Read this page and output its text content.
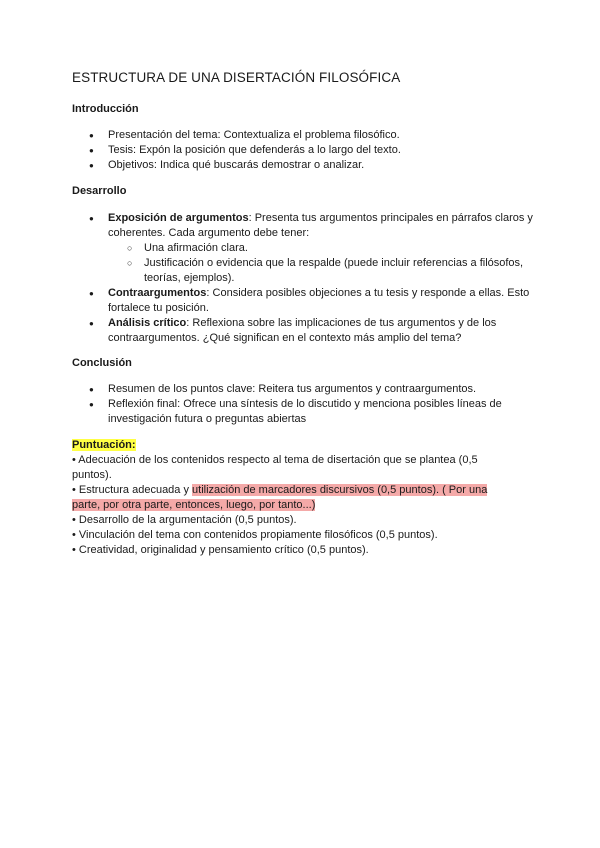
ESTRUCTURA DE UNA DISERTACIÓN FILOSÓFICA

Introducción

● Presentación del tema: Contextualiza el problema filosófico.
● Tesis: Expón la posición que defenderás a lo largo del texto.
● Objetivos: Indica qué buscarás demostrar o analizar.

Desarrollo

● Exposición de argumentos: Presenta tus argumentos principales en párrafos claros y coherentes. Cada argumento debe tener:
○ Una afirmación clara.
○ Justificación o evidencia que la respalde (puede incluir referencias a filósofos, teorías, ejemplos).
● Contraargumentos: Considera posibles objeciones a tu tesis y responde a ellas. Esto fortalece tu posición.
● Análisis crítico: Reflexiona sobre las implicaciones de tus argumentos y de los contraargumentos. ¿Qué significan en el contexto más amplio del tema?

Conclusión

● Resumen de los puntos clave: Reitera tus argumentos y contraargumentos.
● Reflexión final: Ofrece una síntesis de lo discutido y menciona posibles líneas de investigación futura o preguntas abiertas

Puntuación:

• Adecuación de los contenidos respecto al tema de disertación que se plantea (0,5 puntos).

• Estructura adecuada y utilización de marcadores discursivos (0,5 puntos). ( Por una parte, por otra parte, entonces, luego, por tanto...)

• Desarrollo de la argumentación (0,5 puntos).

• Vinculación del tema con contenidos propiamente filosóficos (0,5 puntos).

• Creatividad, originalidad y pensamiento crítico (0,5 puntos).
